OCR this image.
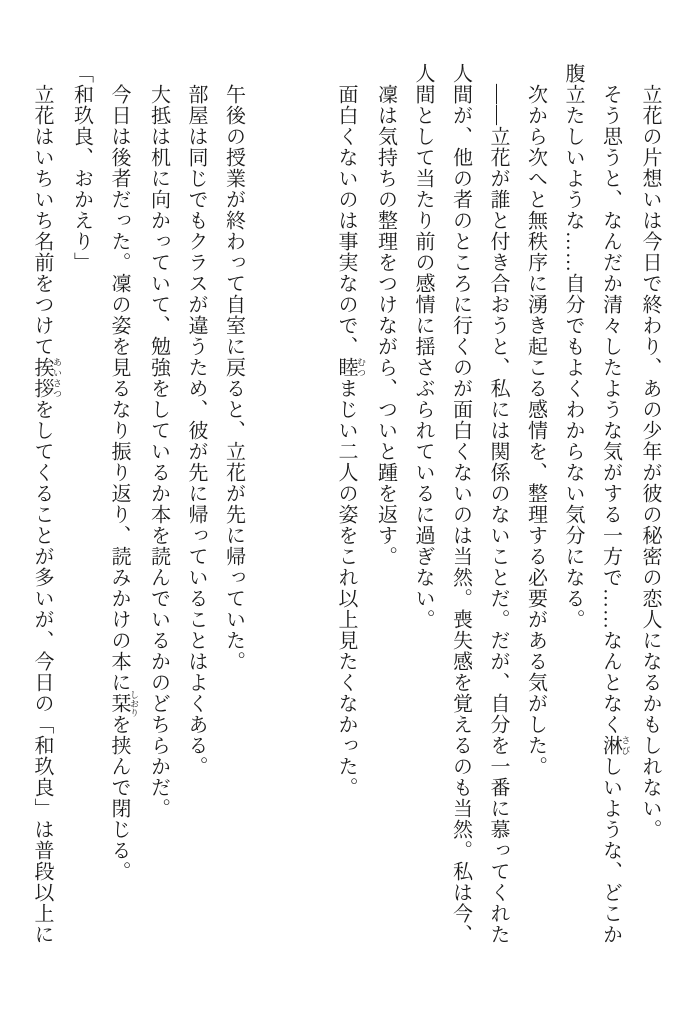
　立花の片想いは今日で終わり、あの少年が彼の秘密の恋人になるかもしれない。
　そう思うと、なんだか清々したような気がする一方で……なんとなく淋 さびしいような、どこか
腹立たしいような……自分でもよくわからない気分になる。
　次から次へと無秩序に湧き起こる感情を、整理する必要がある気がした。
　――立花が誰と付き合おうと、私には関係のないことだ。だが、自分を一番に慕ってくれた
人間が、他の者のところに行くのが面白くないのは当然。喪失感を覚えるのも当然。私は今、
人間として当たり前の感情に揺さぶられているに過ぎない。
　凜は気持ちの整理をつけながら、ついと踵を返す。
　面白くないのは事実なので、睦 むつまじい二人の姿をこれ以上見たくなかった。

　午後の授業が終わって自室に戻ると、立花が先に帰っていた。
　部屋は同じでもクラスが違うため、彼が先に帰っていることはよくある。
　大抵は机に向かっていて、勉強をしているか本を読んでいるかのどちらかだ。
　今日は後者だった。凜の姿を見るなり振り返り、読みかけの本に栞 しおりを挟んで閉じる。
「和玖良、おかえり」
　立花はいちいち名前をつけて挨拶 あいさつをしてくることが多いが、今日の「和玖良」は普段以上に
